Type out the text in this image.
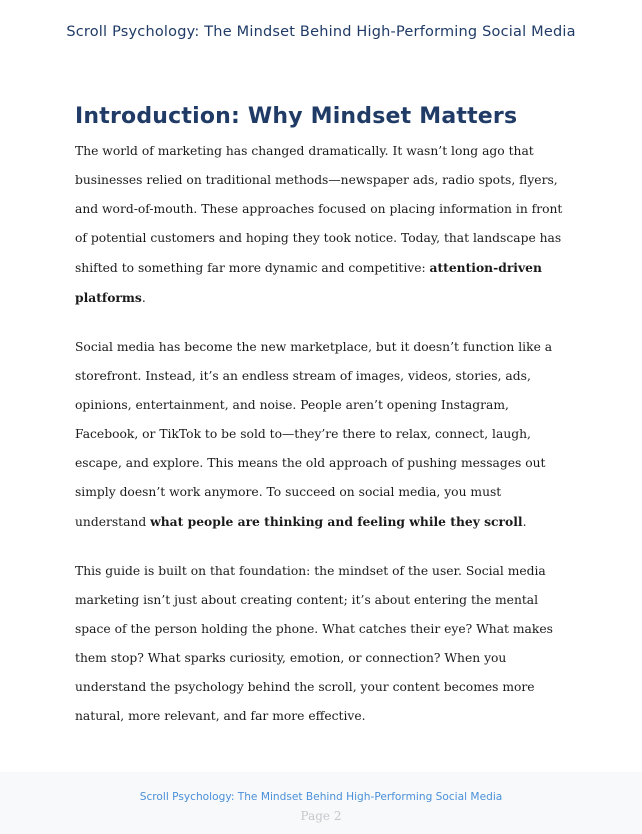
Scroll Psychology: The Mindset Behind High-Performing Social Media
Introduction: Why Mindset Matters

The world of marketing has changed dramatically. It wasn’t long ago that businesses relied on traditional methods—newspaper ads, radio spots, flyers, and word-of-mouth. These approaches focused on placing information in front of potential customers and hoping they took notice. Today, that landscape has shifted to something far more dynamic and competitive: attention-driven platforms.

Social media has become the new marketplace, but it doesn’t function like a storefront. Instead, it’s an endless stream of images, videos, stories, ads, opinions, entertainment, and noise. People aren’t opening Instagram, Facebook, or TikTok to be sold to—they’re there to relax, connect, laugh, escape, and explore. This means the old approach of pushing messages out simply doesn’t work anymore. To succeed on social media, you must understand what people are thinking and feeling while they scroll.

This guide is built on that foundation: the mindset of the user. Social media marketing isn’t just about creating content; it’s about entering the mental space of the person holding the phone. What catches their eye? What makes them stop? What sparks curiosity, emotion, or connection? When you understand the psychology behind the scroll, your content becomes more natural, more relevant, and far more effective.

Scroll Psychology: The Mindset Behind High-Performing Social Media
Page 2
